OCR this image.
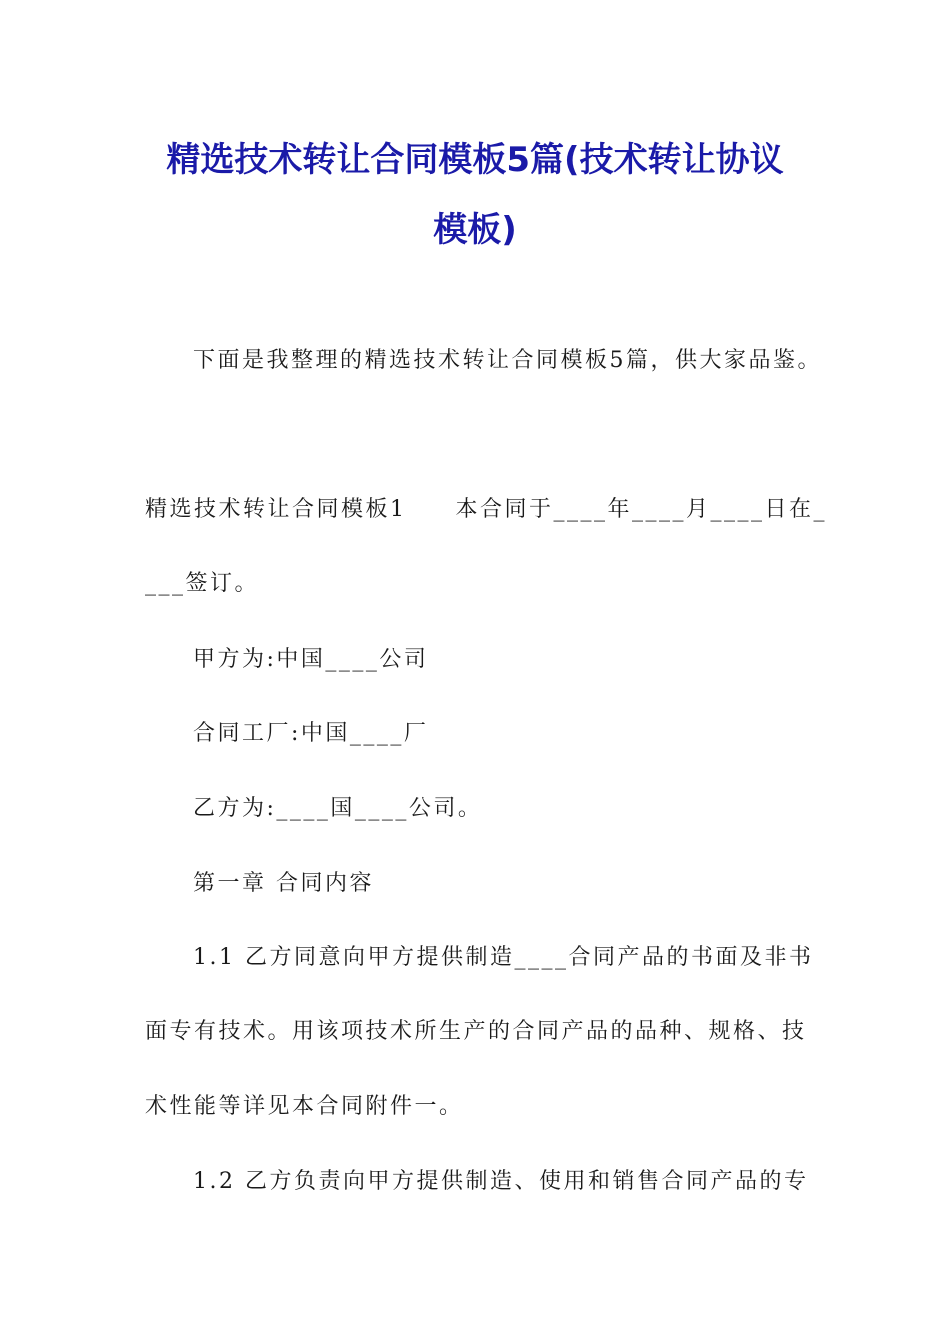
精选技术转让合同模板5篇(技术转让协议
模板)
下面是我整理的精选技术转让合同模板5篇，供大家品鉴。
精选技术转让合同模板1　　本合同于____年____月____日在_
___签订。
甲方为:中国____公司
合同工厂:中国____厂
乙方为:____国____公司。
第一章 合同内容
1.1 乙方同意向甲方提供制造____合同产品的书面及非书
面专有技术。用该项技术所生产的合同产品的品种、规格、技
术性能等详见本合同附件一。
1.2 乙方负责向甲方提供制造、使用和销售合同产品的专
